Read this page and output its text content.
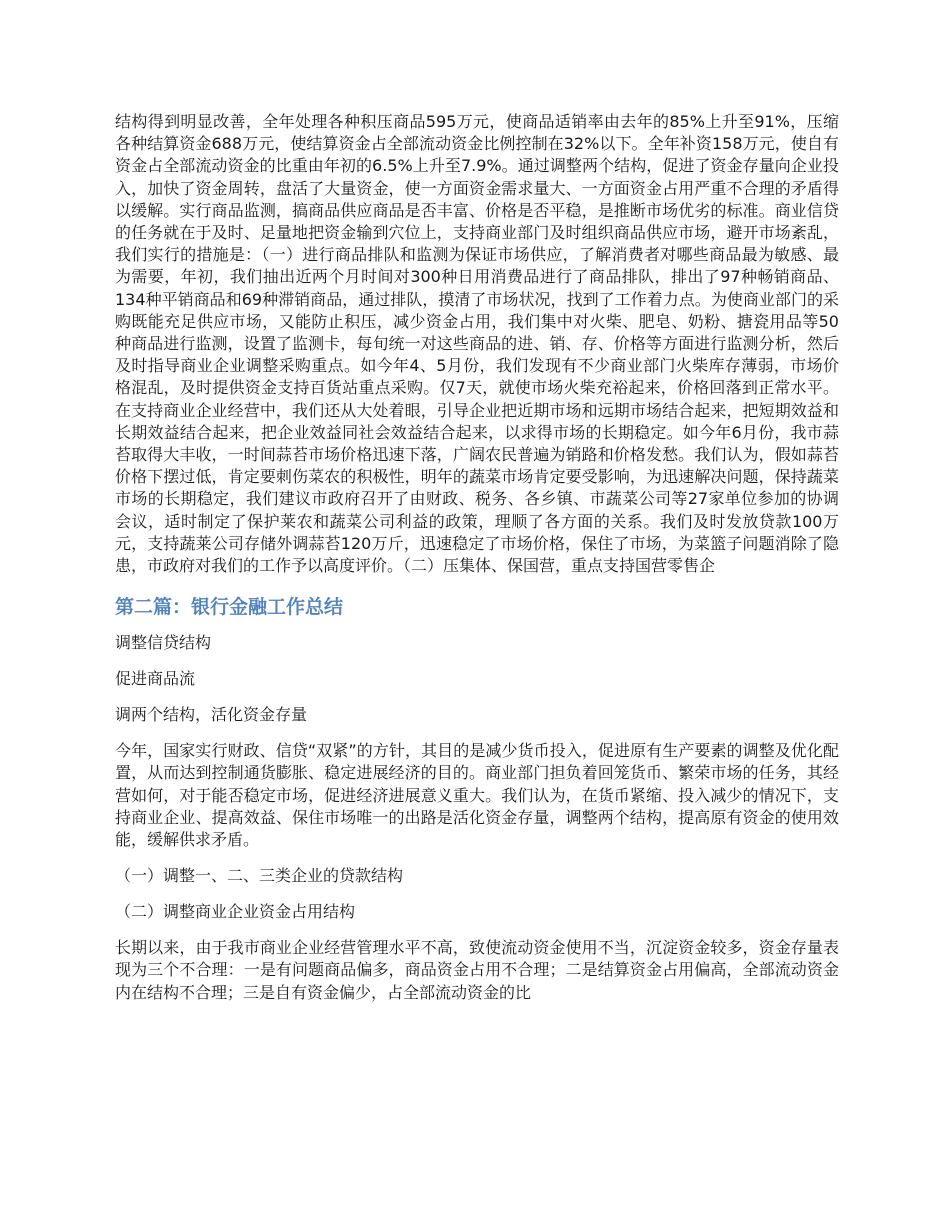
结构得到明显改善，全年处理各种积压商品595万元，使商品适销率由去年的85%上升至91%，压缩各种结算资金688万元，使结算资金占全部流动资金比例控制在32%以下。全年补资158万元，使自有资金占全部流动资金的比重由年初的6.5%上升至7.9%。通过调整两个结构，促进了资金存量向企业投入，加快了资金周转，盘活了大量资金，使一方面资金需求量大、一方面资金占用严重不合理的矛盾得以缓解。实行商品监测，搞商品供应商品是否丰富、价格是否平稳，是推断市场优劣的标准。商业信贷的任务就在于及时、足量地把资金输到穴位上，支持商业部门及时组织商品供应市场，避开市场紊乱，我们实行的措施是：（一）进行商品排队和监测为保证市场供应，了解消费者对哪些商品最为敏感、最为需要，年初，我们抽出近两个月时间对300种日用消费品进行了商品排队，排出了97种畅销商品、134种平销商品和69种滞销商品，通过排队，摸清了市场状况，找到了工作着力点。为使商业部门的采购既能充足供应市场，又能防止积压，减少资金占用，我们集中对火柴、肥皂、奶粉、搪瓷用品等50种商品进行监测，设置了监测卡，每旬统一对这些商品的进、销、存、价格等方面进行监测分析，然后及时指导商业企业调整采购重点。如今年4、5月份，我们发现有不少商业部门火柴库存薄弱，市场价格混乱，及时提供资金支持百货站重点采购。仅7天，就使市场火柴充裕起来，价格回落到正常水平。在支持商业企业经营中，我们还从大处着眼，引导企业把近期市场和远期市场结合起来，把短期效益和长期效益结合起来，把企业效益同社会效益结合起来，以求得市场的长期稳定。如今年6月份，我市蒜苔取得大丰收，一时间蒜苔市场价格迅速下落，广阔农民普遍为销路和价格发愁。我们认为，假如蒜苔价格下摆过低，肯定要刺伤菜农的积极性，明年的蔬菜市场肯定要受影响，为迅速解决问题，保持蔬菜市场的长期稳定，我们建议市政府召开了由财政、税务、各乡镇、市蔬菜公司等27家单位参加的协调会议，适时制定了保护莱农和蔬菜公司利益的政策，理顺了各方面的关系。我们及时发放贷款100万元，支持蔬莱公司存储外调蒜苔120万斤，迅速稳定了市场价格，保住了市场，为菜篮子问题消除了隐患，市政府对我们的工作予以高度评价。（二）压集体、保国营，重点支持国营零售企

第二篇：银行金融工作总结
调整信贷结构
促进商品流
调两个结构，活化资金存量

今年，国家实行财政、信贷“双紧”的方针，其目的是减少货币投入，促进原有生产要素的调整及优化配置，从而达到控制通货膨胀、稳定进展经济的目的。商业部门担负着回笼货币、繁荣市场的任务，其经营如何，对于能否稳定市场，促进经济进展意义重大。我们认为，在货币紧缩、投入减少的情况下，支持商业企业、提高效益、保住市场唯一的出路是活化资金存量，调整两个结构，提高原有资金的使用效能，缓解供求矛盾。

（一）调整一、二、三类企业的贷款结构
（二）调整商业企业资金占用结构

长期以来，由于我市商业企业经营管理水平不高，致使流动资金使用不当，沉淀资金较多，资金存量表现为三个不合理：一是有问题商品偏多，商品资金占用不合理；二是结算资金占用偏高，全部流动资金内在结构不合理；三是自有资金偏少，占全部流动资金的比
